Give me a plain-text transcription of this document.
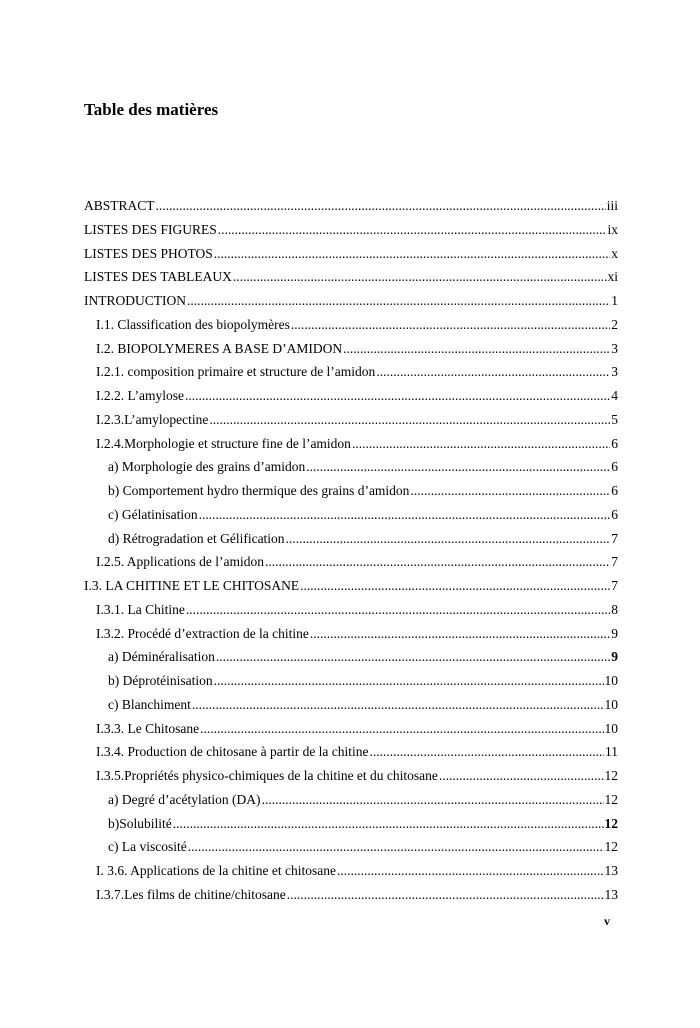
Table des matières
ABSTRACT .....	iii
LISTES DES FIGURES .....	ix
LISTES DES PHOTOS .....	x
LISTES DES TABLEAUX .....	.xi
INTRODUCTION .....	1
I.1. Classification des biopolymères .....	2
I.2. BIOPOLYMERES A BASE D’AMIDON .....	3
I.2.1. composition primaire et structure de l’amidon .....	3
I.2.2. L’amylose .....	4
I.2.3.L’amylopectine .....	5
I.2.4.Morphologie et structure fine de l’amidon .....	6
a) Morphologie des grains d’amidon .....	6
b) Comportement hydro thermique des grains d’amidon .....	6
c) Gélatinisation .....	6
d) Rétrogradation et Gélification .....	7
I.2.5. Applications de l’amidon .....	7
I.3. LA CHITINE ET LE CHITOSANE .....	7
I.3.1. La Chitine .....	8
I.3.2. Procédé d’extraction de la chitine .....	9
a) Déminéralisation .....	9
b) Déprotéinisation .....	10
c) Blanchiment .....	10
I.3.3. Le Chitosane .....	10
I.3.4. Production de chitosane à partir de la chitine .....	11
I.3.5.Propriétés physico-chimiques de la chitine et du chitosane .....	12
a) Degré d’acétylation (DA) .....	12
b)Solubilité .....	12
c) La viscosité .....	12
I. 3.6. Applications de la chitine et chitosane .....	13
I.3.7.Les films de chitine/chitosane .....	13
v
